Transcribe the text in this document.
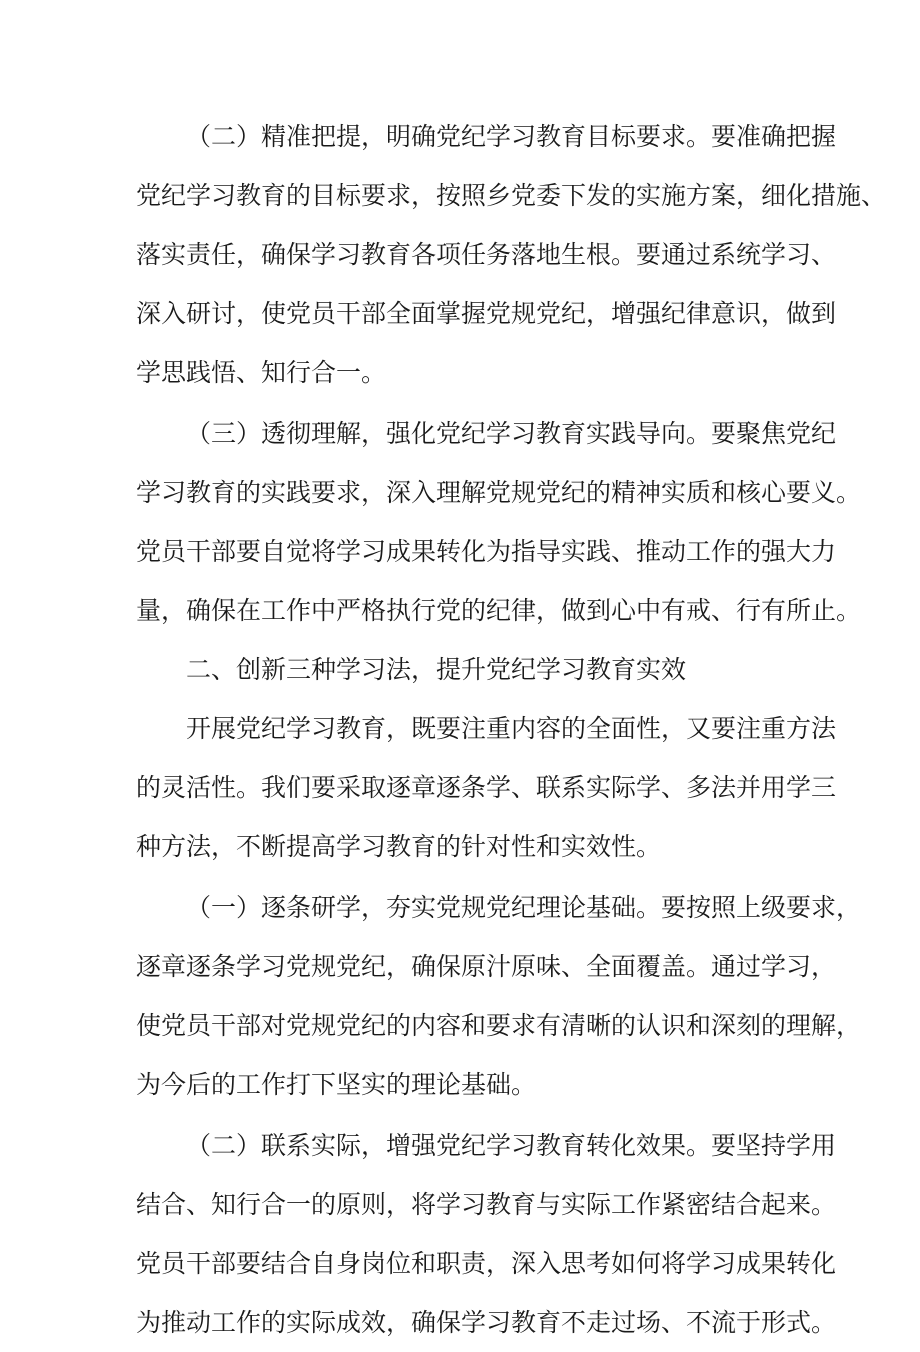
（二）精准把提，明确党纪学习教育目标要求。要准确把握
党纪学习教育的目标要求，按照乡党委下发的实施方案，细化措施、
落实责任，确保学习教育各项任务落地生根。要通过系统学习、
深入研讨，使党员干部全面掌握党规党纪，增强纪律意识，做到
学思践悟、知行合一。

（三）透彻理解，强化党纪学习教育实践导向。要聚焦党纪
学习教育的实践要求，深入理解党规党纪的精神实质和核心要义。
党员干部要自觉将学习成果转化为指导实践、推动工作的强大力
量，确保在工作中严格执行党的纪律，做到心中有戒、行有所止。

二、创新三种学习法，提升党纪学习教育实效

开展党纪学习教育，既要注重内容的全面性，又要注重方法
的灵活性。我们要采取逐章逐条学、联系实际学、多法并用学三
种方法，不断提高学习教育的针对性和实效性。

（一）逐条研学，夯实党规党纪理论基础。要按照上级要求，
逐章逐条学习党规党纪，确保原汁原味、全面覆盖。通过学习，
使党员干部对党规党纪的内容和要求有清晰的认识和深刻的理解，
为今后的工作打下坚实的理论基础。

（二）联系实际，增强党纪学习教育转化效果。要坚持学用
结合、知行合一的原则，将学习教育与实际工作紧密结合起来。
党员干部要结合自身岗位和职责，深入思考如何将学习成果转化
为推动工作的实际成效，确保学习教育不走过场、不流于形式。
